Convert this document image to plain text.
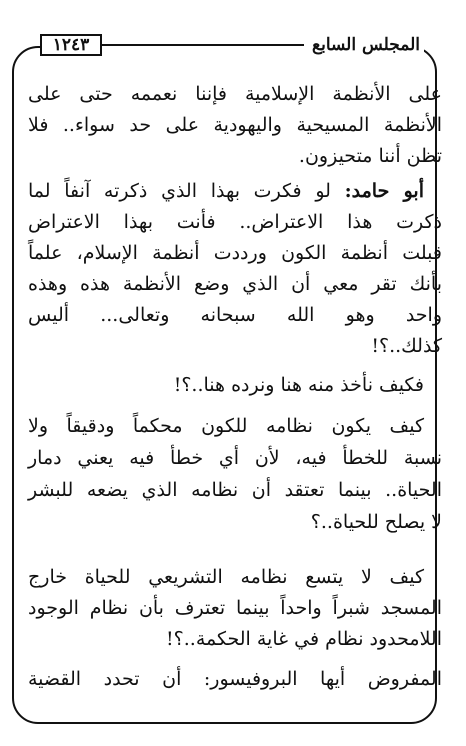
١٢٤٣	المجلس السابع
على الأنظمة الإسلامية فإننا نعممه حتى على
الأنظمة المسيحية واليهودية على حد سواء.. فلا
تظن أننا متحيزون.
أبو حامد: لو فكرت بهذا الذي ذكرته آنفاً لما
ذكرت هذا الاعتراض.. فأنت بهذا الاعتراض
قبلت أنظمة الكون ورددت أنظمة الإسلام، علماً
بأنك تقر معي أن الذي وضع الأنظمة هذه وهذه
واحد وهو الله سبحانه وتعالى... أليس
كذلك..؟!
فكيف نأخذ منه هنا ونرده هنا..؟!
كيف يكون نظامه للكون محكماً ودقيقاً ولا
نسبة للخطأ فيه، لأن أي خطأ فيه يعني دمار
الحياة.. بينما تعتقد أن نظامه الذي يضعه للبشر
لا يصلح للحياة..؟
كيف لا يتسع نظامه التشريعي للحياة خارج
المسجد شبراً واحداً بينما تعترف بأن نظام الوجود
اللامحدود نظام في غاية الحكمة..؟!
المفروض أيها البروفيسور: أن تحدد القضية
